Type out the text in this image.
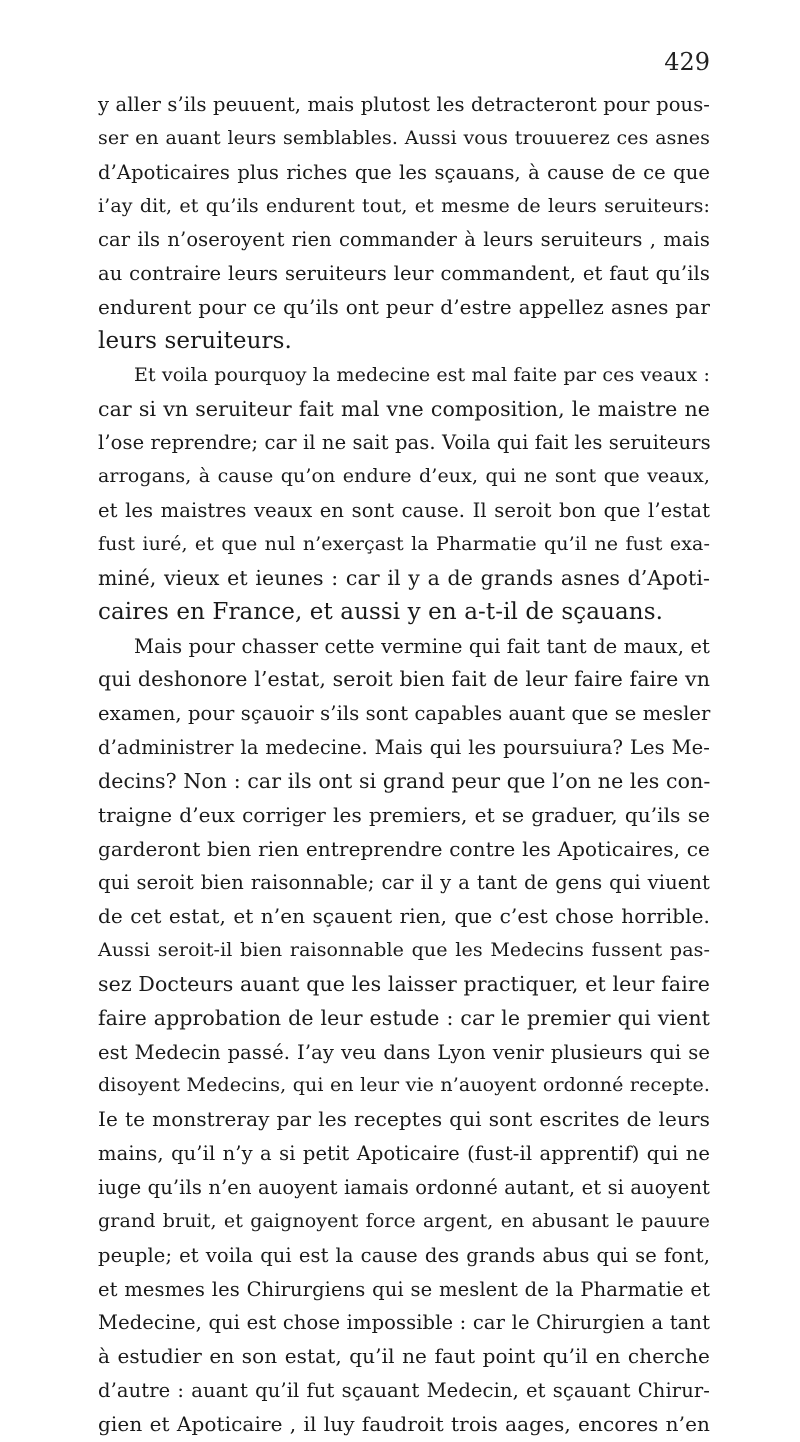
429
y aller s’ils peuuent, mais plutost les detracteront pour pous-
ser en auant leurs semblables. Aussi vous trouuerez ces asnes
d’Apoticaires plus riches que les sçauans, à cause de ce que
i’ay dit, et qu’ils endurent tout, et mesme de leurs seruiteurs:
car ils n’oseroyent rien commander à leurs seruiteurs , mais
au contraire leurs seruiteurs leur commandent, et faut qu’ils
endurent pour ce qu’ils ont peur d’estre appellez asnes par
leurs seruiteurs.
Et voila pourquoy la medecine est mal faite par ces veaux :
car si vn seruiteur fait mal vne composition, le maistre ne
l’ose reprendre; car il ne sait pas. Voila qui fait les seruiteurs
arrogans, à cause qu’on endure d’eux, qui ne sont que veaux,
et les maistres veaux en sont cause. Il seroit bon que l’estat
fust iuré, et que nul n’exerçast la Pharmatie qu’il ne fust exa-
miné, vieux et ieunes : car il y a de grands asnes d’Apoti-
caires en France, et aussi y en a-t-il de sçauans.
Mais pour chasser cette vermine qui fait tant de maux, et
qui deshonore l’estat, seroit bien fait de leur faire faire vn
examen, pour sçauoir s’ils sont capables auant que se mesler
d’administrer la medecine. Mais qui les poursuiura? Les Me-
decins? Non : car ils ont si grand peur que l’on ne les con-
traigne d’eux corriger les premiers, et se graduer, qu’ils se
garderont bien rien entreprendre contre les Apoticaires, ce
qui seroit bien raisonnable; car il y a tant de gens qui viuent
de cet estat, et n’en sçauent rien, que c’est chose horrible.
Aussi seroit-il bien raisonnable que les Medecins fussent pas-
sez Docteurs auant que les laisser practiquer, et leur faire
faire approbation de leur estude : car le premier qui vient
est Medecin passé. I’ay veu dans Lyon venir plusieurs qui se
disoyent Medecins, qui en leur vie n’auoyent ordonné recepte.
Ie te monstreray par les receptes qui sont escrites de leurs
mains, qu’il n’y a si petit Apoticaire (fust-il apprentif) qui ne
iuge qu’ils n’en auoyent iamais ordonné autant, et si auoyent
grand bruit, et gaignoyent force argent, en abusant le pauure
peuple; et voila qui est la cause des grands abus qui se font,
et mesmes les Chirurgiens qui se meslent de la Pharmatie et
Medecine, qui est chose impossible : car le Chirurgien a tant
à estudier en son estat, qu’il ne faut point qu’il en cherche
d’autre : auant qu’il fut sçauant Medecin, et sçauant Chirur-
gien et Apoticaire , il luy faudroit trois aages, encores n’en
